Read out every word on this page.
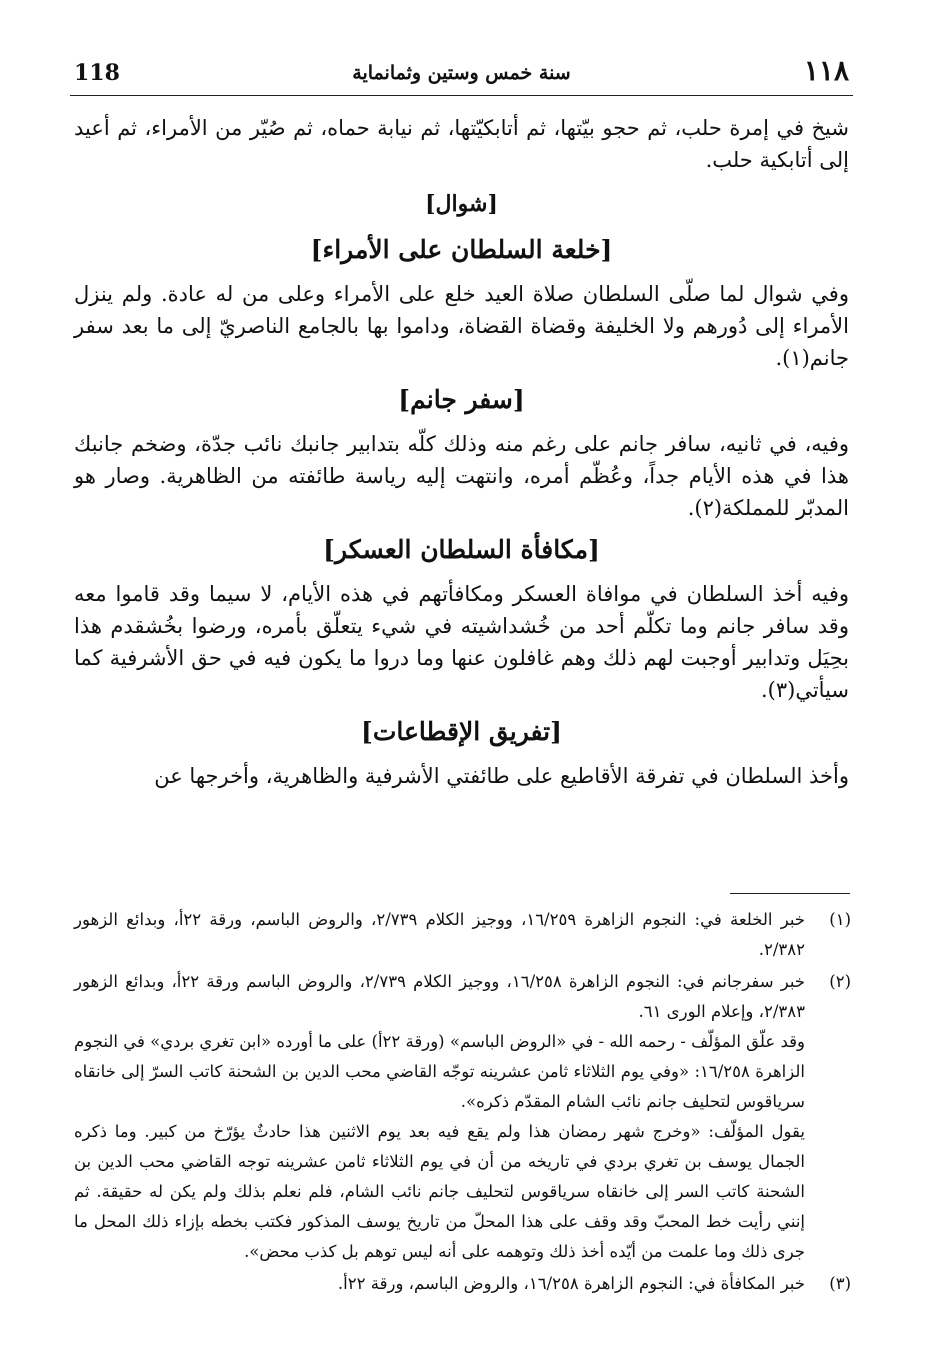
118	سنة خمس وستين وثمانماية	١١٨

شيخ في إمرة حلب، ثم حجو بيّتها، ثم أتابكيّتها، ثم نيابة حماه، ثم صُيّر من الأمراء، ثم أعيد إلى أتابكية حلب.

[شوال]
[خلعة السلطان على الأمراء]

وفي شوال لما صلّى السلطان صلاة العيد خلع على الأمراء وعلى من له عادة. ولم ينزل الأمراء إلى دُورهم ولا الخليفة وقضاة القضاة، وداموا بها بالجامع الناصريّ إلى ما بعد سفر جانم(١).

[سفر جانم]

وفيه، في ثانيه، سافر جانم على رغم منه وذلك كلّه بتدابير جانبك نائب جدّة، وضخم جانبك هذا في هذه الأيام جداً، وعُظّم أمره، وانتهت إليه رياسة طائفته من الظاهرية. وصار هو المدبّر للمملكة(٢).

[مكافأة السلطان العسكر]

وفيه أخذ السلطان في موافاة العسكر ومكافأتهم في هذه الأيام، لا سيما وقد قاموا معه وقد سافر جانم وما تكلّم أحد من خُشداشيته في شيء يتعلّق بأمره، ورضوا بخُشقدم هذا بحِيَل وتدابير أوجبت لهم ذلك وهم غافلون عنها وما دروا ما يكون فيه في حق الأشرفية كما سيأتي(٣).

[تفريق الإقطاعات]

وأخذ السلطان في تفرقة الأقاطيع على طائفتي الأشرفية والظاهرية، وأخرجها عن

(١)

خبر الخلعة في: النجوم الزاهرة ١٦/٢٥٩، ووجيز الكلام ٢/٧٣٩، والروض الباسم، ورقة ٢٢أ، وبدائع الزهور ٢/٣٨٢.

(٢)

خبر سفرجانم في: النجوم الزاهرة ١٦/٢٥٨، ووجيز الكلام ٢/٧٣٩، والروض الباسم ورقة ٢٢أ، وبدائع الزهور ٢/٣٨٣، وإعلام الورى ٦١.

وقد علّق المؤلّف - رحمه الله - في «الروض الباسم» (ورقة ٢٢أ) على ما أورده «ابن تغري بردي» في النجوم الزاهرة ١٦/٢٥٨: «وفي يوم الثلاثاء ثامن عشرينه توجّه القاضي محب الدين بن الشحنة كاتب السرّ إلى خانقاه سرياقوس لتحليف جانم نائب الشام المقدّم ذكره».

يقول المؤلّف: «وخرج شهر رمضان هذا ولم يقع فيه بعد يوم الاثنين هذا حادثٌ يؤرّخ من كبير. وما ذكره الجمال يوسف بن تغري بردي في تاريخه من أن في يوم الثلاثاء ثامن عشرينه توجه القاضي محب الدين بن الشحنة كاتب السر إلى خانقاه سرياقوس لتحليف جانم نائب الشام، فلم نعلم بذلك ولم يكن له حقيقة. ثم إنني رأيت خط المحبّ وقد وقف على هذا المحلّ من تاريخ يوسف المذكور فكتب بخطه بإزاء ذلك المحل ما جرى ذلك وما علمت من أيّده أخذ ذلك وتوهمه على أنه ليس توهم بل كذب محض».

(٣)

خبر المكافأة في: النجوم الزاهرة ١٦/٢٥٨، والروض الباسم، ورقة ٢٢أ.
